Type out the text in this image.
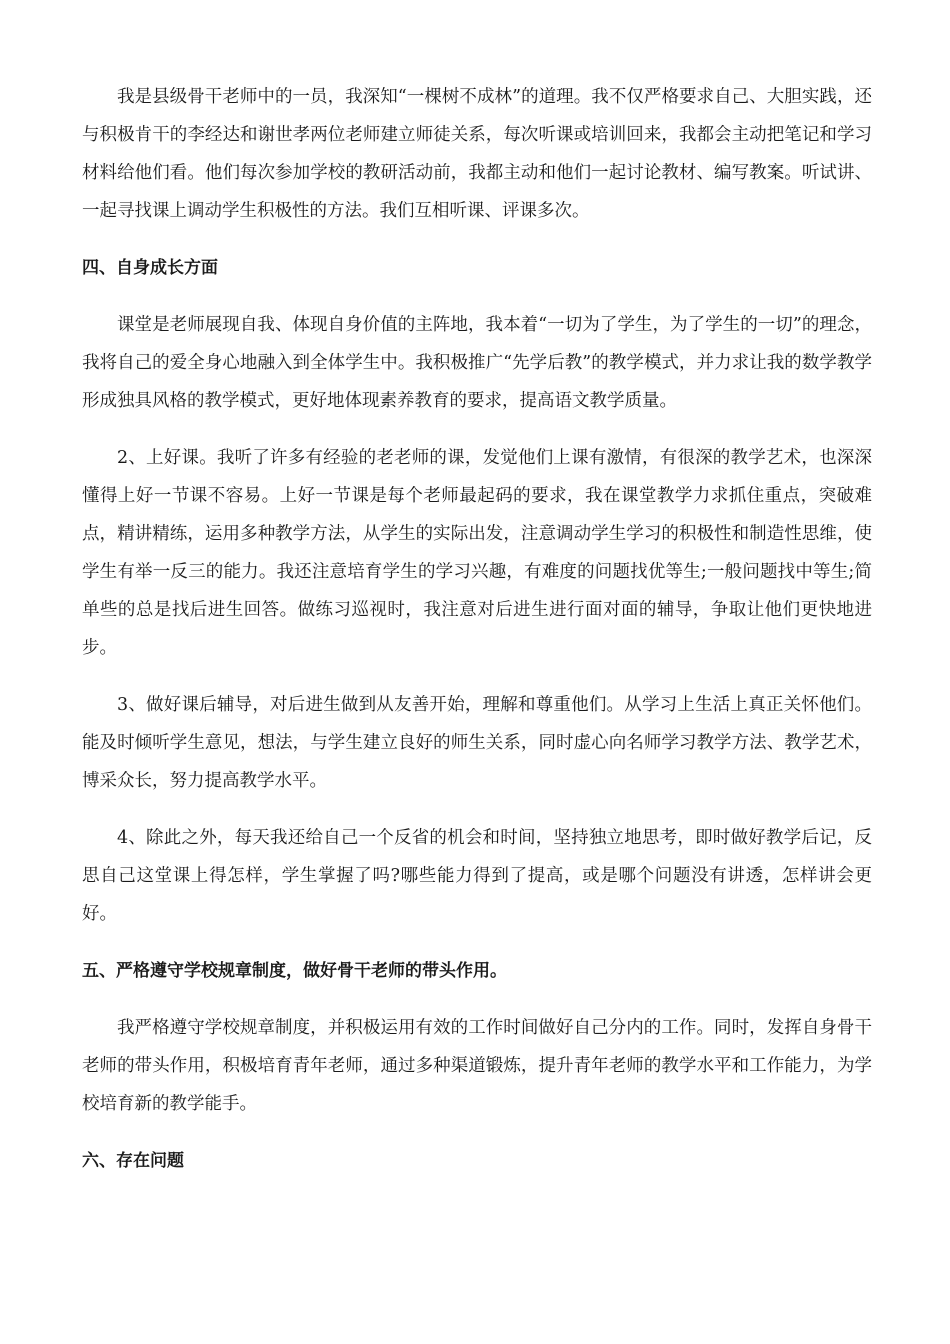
我是县级骨干老师中的一员，我深知“一棵树不成林”的道理。我不仅严格要求自己、大胆实践，还与积极肯干的李经达和谢世孝两位老师建立师徒关系，每次听课或培训回来，我都会主动把笔记和学习材料给他们看。他们每次参加学校的教研活动前，我都主动和他们一起讨论教材、编写教案。听试讲、一起寻找课上调动学生积极性的方法。我们互相听课、评课多次。

四、自身成长方面

课堂是老师展现自我、体现自身价值的主阵地，我本着“一切为了学生，为了学生的一切”的理念，我将自己的爱全身心地融入到全体学生中。我积极推广“先学后教”的教学模式，并力求让我的数学教学形成独具风格的教学模式，更好地体现素养教育的要求，提高语文教学质量。

2、上好课。我听了许多有经验的老老师的课，发觉他们上课有激情，有很深的教学艺术，也深深懂得上好一节课不容易。上好一节课是每个老师最起码的要求，我在课堂教学力求抓住重点，突破难点，精讲精练，运用多种教学方法，从学生的实际出发，注意调动学生学习的积极性和制造性思维，使学生有举一反三的能力。我还注意培育学生的学习兴趣，有难度的问题找优等生;一般问题找中等生;简单些的总是找后进生回答。做练习巡视时，我注意对后进生进行面对面的辅导，争取让他们更快地进步。

3、做好课后辅导，对后进生做到从友善开始，理解和尊重他们。从学习上生活上真正关怀他们。能及时倾听学生意见，想法，与学生建立良好的师生关系，同时虚心向名师学习教学方法、教学艺术，博采众长，努力提高教学水平。

4、除此之外，每天我还给自己一个反省的机会和时间，坚持独立地思考，即时做好教学后记，反思自己这堂课上得怎样，学生掌握了吗?哪些能力得到了提高，或是哪个问题没有讲透，怎样讲会更好。

五、严格遵守学校规章制度，做好骨干老师的带头作用。

我严格遵守学校规章制度，并积极运用有效的工作时间做好自己分内的工作。同时，发挥自身骨干老师的带头作用，积极培育青年老师，通过多种渠道锻炼，提升青年老师的教学水平和工作能力，为学校培育新的教学能手。

六、存在问题
